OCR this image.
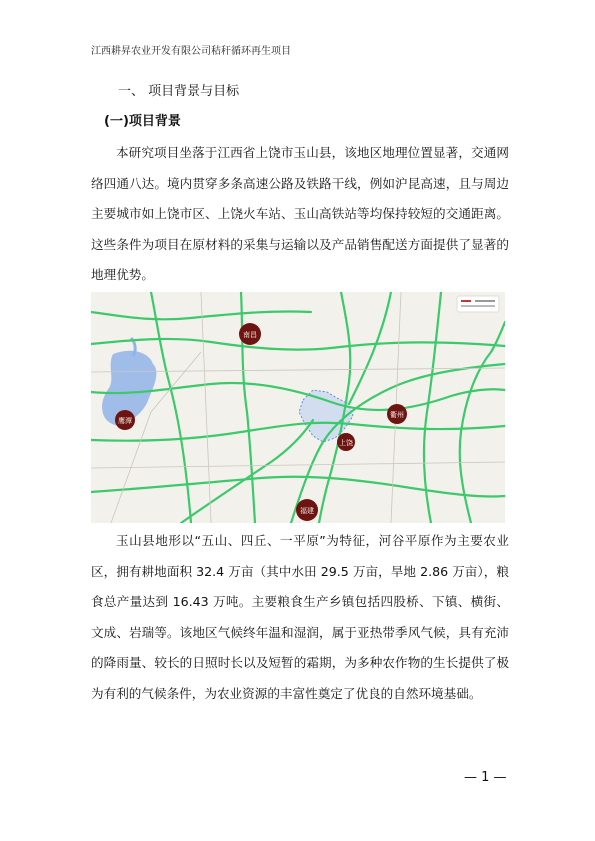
江西耕昇农业开发有限公司秸秆循环再生项目
一、 项目背景与目标
(一)项目背景

本研究项目坐落于江西省上饶市玉山县，该地区地理位置显著，交通网络四通八达。境内贯穿多条高速公路及铁路干线，例如沪昆高速，且与周边主要城市如上饶市区、上饶火车站、玉山高铁站等均保持较短的交通距离。这些条件为项目在原材料的采集与运输以及产品销售配送方面提供了显著的地理优势。

南昌
鹰潭
衢州
上饶
福建

玉山县地形以“五山、四丘、一平原”为特征，河谷平原作为主要农业区，拥有耕地面积 32.4 万亩（其中水田 29.5 万亩，旱地 2.86 万亩），粮食总产量达到 16.43 万吨。主要粮食生产乡镇包括四股桥、下镇、横街、文成、岩瑞等。该地区气候终年温和湿润，属于亚热带季风气候，具有充沛的降雨量、较长的日照时长以及短暂的霜期，为多种农作物的生长提供了极为有利的气候条件，为农业资源的丰富性奠定了优良的自然环境基础。

— 1 —
